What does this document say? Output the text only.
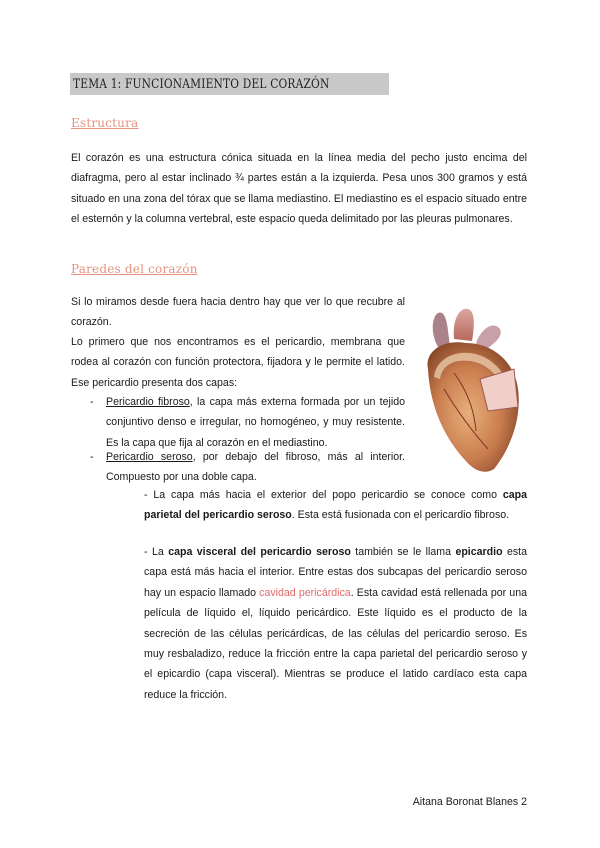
TEMA 1: FUNCIONAMIENTO DEL CORAZÓN
Estructura
El corazón es una estructura cónica situada en la línea media del pecho justo encima del diafragma, pero al estar inclinado ¾ partes están a la izquierda. Pesa unos 300 gramos y está situado en una zona del tórax que se llama mediastino. El mediastino es el espacio situado entre el esternón y la columna vertebral, este espacio queda delimitado por las pleuras pulmonares.
Paredes del corazón
Si lo miramos desde fuera hacia dentro hay que ver lo que recubre al corazón.
Lo primero que nos encontramos es el pericardio, membrana que rodea al corazón con función protectora, fijadora y le permite el latido. Ese pericardio presenta dos capas:
- Pericardio fibroso, la capa más externa formada por un tejido conjuntivo denso e irregular, no homogéneo, y muy resistente. Es la capa que fija al corazón en el mediastino.
- Pericardio seroso, por debajo del fibroso, más al interior. Compuesto por una doble capa.
- La capa más hacia el exterior del popo pericardio se conoce como capa parietal del pericardio seroso. Esta está fusionada con el pericardio fibroso.
- La capa visceral del pericardio seroso también se le llama epicardio esta capa está más hacia el interior. Entre estas dos subcapas del pericardio seroso hay un espacio llamado cavidad pericárdica. Esta cavidad está rellenada por una película de líquido el, líquido pericárdico. Este líquido es el producto de la secreción de las células pericárdicas, de las células del pericardio seroso. Es muy resbaladizo, reduce la fricción entre la capa parietal del pericardio seroso y el epicardio (capa visceral). Mientras se produce el latido cardíaco esta capa reduce la fricción.
Aitana Boronat Blanes 2
